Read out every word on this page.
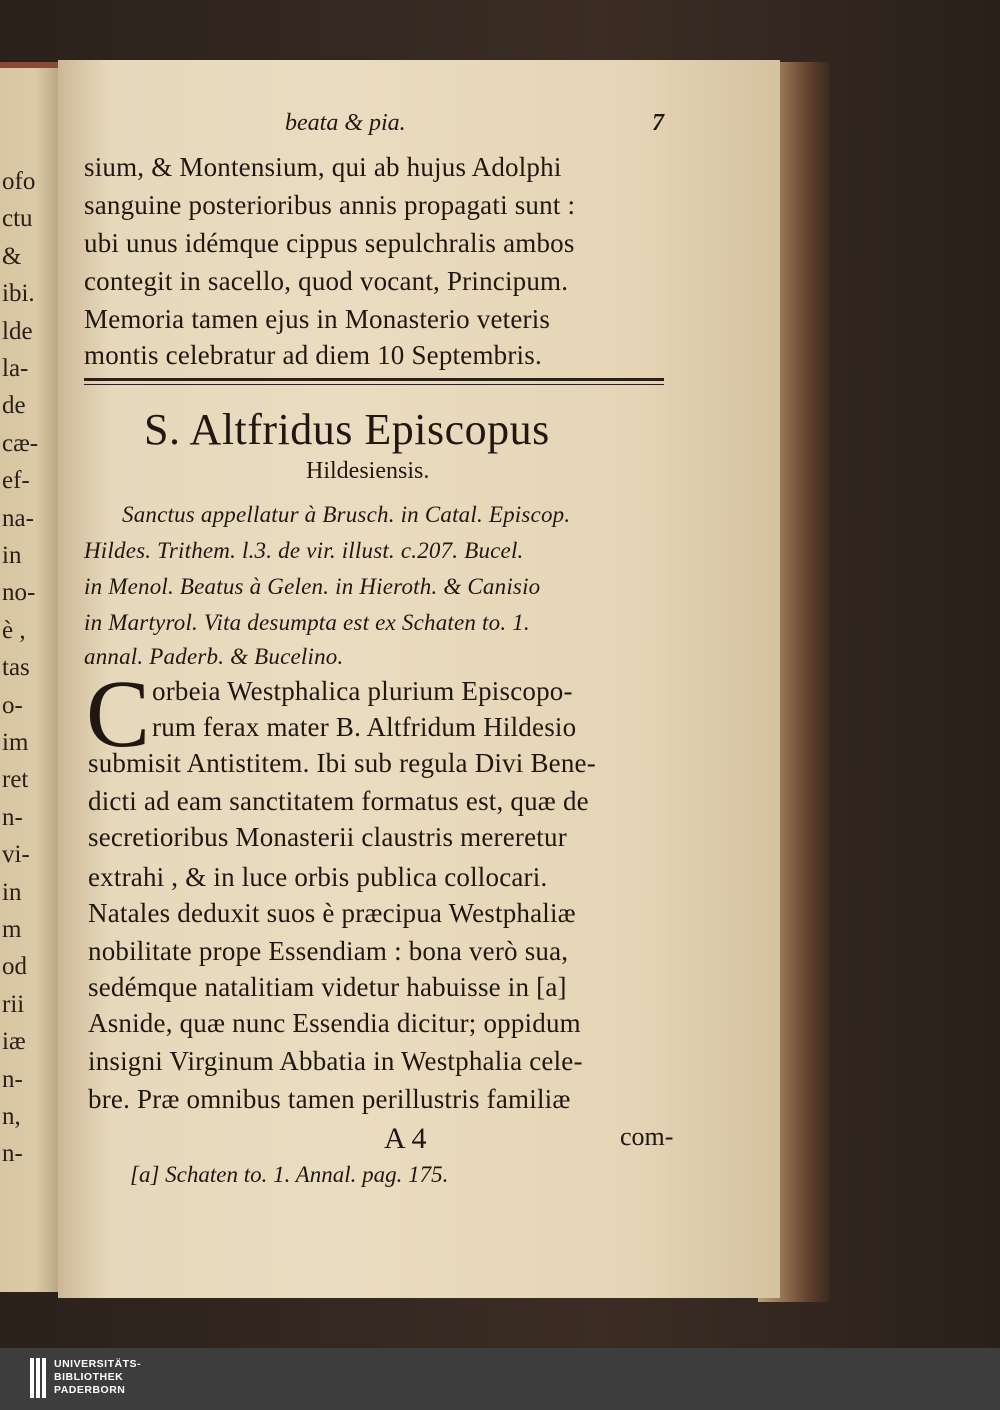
ofo
ctu
&
ibi.
lde
la-
de
cæ-
ef-
na-
in
no-
è ,
tas
o-
im
ret
n-
vi-
in
m
od
rii
iæ
n-
n,
n-
beata & pia.	7
sium, & Montensium, qui ab hujus Adolphi
sanguine posterioribus annis propagati sunt :
ubi unus idémque cippus sepulchralis ambos
contegit in sacello, quod vocant, Principum.
Memoria tamen ejus in Monasterio veteris
montis celebratur ad diem 10 Septembris.
S. Altfridus Episcopus
Hildesiensis.
Sanctus appellatur à Brusch. in Catal. Episcop.
Hildes. Trithem. l.3. de vir. illust. c.207. Bucel.
in Menol. Beatus à Gelen. in Hieroth. & Canisio
in Martyrol. Vita desumpta est ex Schaten to. 1.
annal. Paderb. & Bucelino.
C orbeia Westphalica plurium Episcopo-
rum ferax mater B. Altfridum Hildesio
submisit Antistitem. Ibi sub regula Divi Bene-
dicti ad eam sanctitatem formatus est, quæ de
secretioribus Monasterii claustris mereretur
extrahi , & in luce orbis publica collocari.
Natales deduxit suos è præcipua Westphaliæ
nobilitate prope Essendiam : bona verò sua,
sedémque natalitiam videtur habuisse in [a]
Asnide, quæ nunc Essendia dicitur; oppidum
insigni Virginum Abbatia in Westphalia cele-
bre. Præ omnibus tamen perillustris familiæ
A 4	com-
[a] Schaten to. 1. Annal. pag. 175.
UNIVERSITÄTS-
BIBLIOTHEK
PADERBORN
